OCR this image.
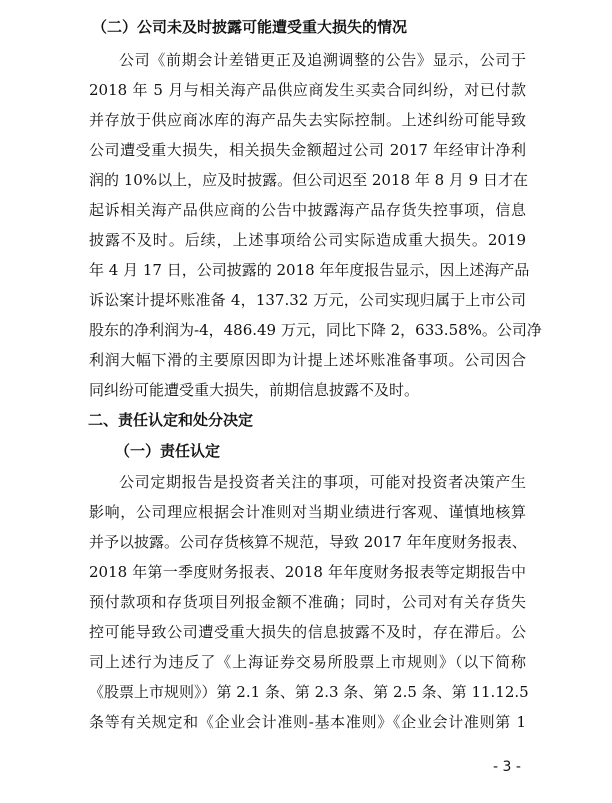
（二）公司未及时披露可能遭受重大损失的情况
公司《前期会计差错更正及追溯调整的公告》显示，公司于
2018 年 5 月与相关海产品供应商发生买卖合同纠纷，对已付款
并存放于供应商冰库的海产品失去实际控制。上述纠纷可能导致
公司遭受重大损失，相关损失金额超过公司 2017 年经审计净利
润的 10%以上，应及时披露。但公司迟至 2018 年 8 月 9 日才在
起诉相关海产品供应商的公告中披露海产品存货失控事项，信息
披露不及时。后续，上述事项给公司实际造成重大损失。2019
年 4 月 17 日，公司披露的 2018 年年度报告显示，因上述海产品
诉讼案计提坏账准备 4，137.32 万元，公司实现归属于上市公司
股东的净利润为-4，486.49 万元，同比下降 2，633.58%。公司净
利润大幅下滑的主要原因即为计提上述坏账准备事项。公司因合
同纠纷可能遭受重大损失，前期信息披露不及时。
二、责任认定和处分决定
（一）责任认定
公司定期报告是投资者关注的事项，可能对投资者决策产生
影响，公司理应根据会计准则对当期业绩进行客观、谨慎地核算
并予以披露。公司存货核算不规范，导致 2017 年年度财务报表、
2018 年第一季度财务报表、2018 年年度财务报表等定期报告中
预付款项和存货项目列报金额不准确；同时，公司对有关存货失
控可能导致公司遭受重大损失的信息披露不及时，存在滞后。公
司上述行为违反了《上海证券交易所股票上市规则》（以下简称
《股票上市规则》）第 2.1 条、第 2.3 条、第 2.5 条、第 11.12.5
条等有关规定和《企业会计准则-基本准则》《企业会计准则第 1
- 3 -
